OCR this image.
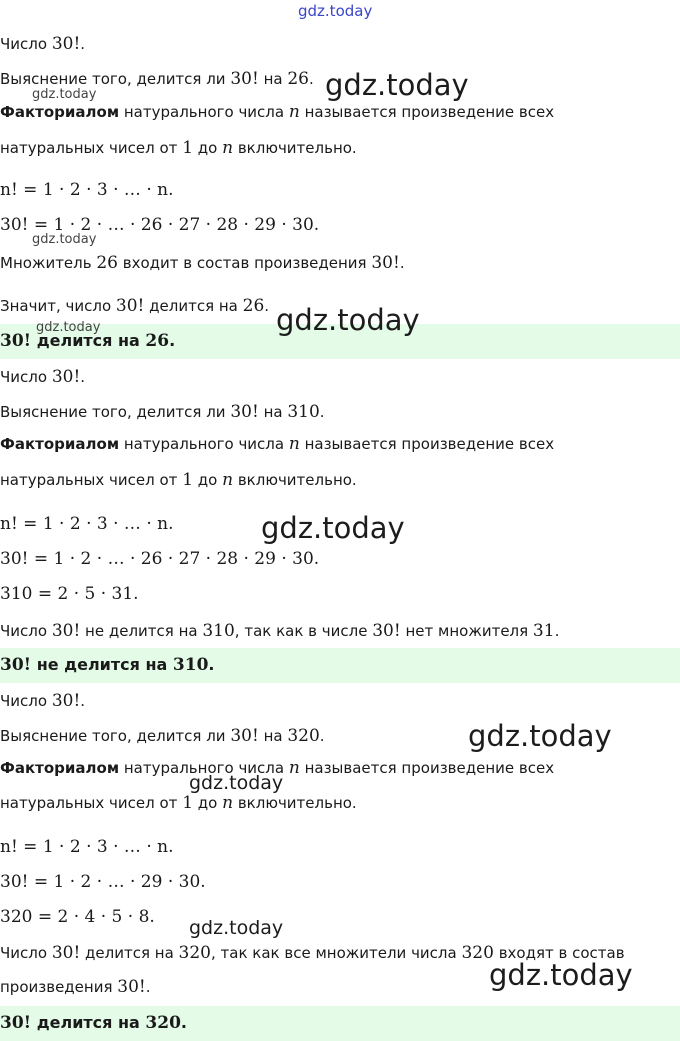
Число 30!.
Выяснение того, делится ли 30! на 26.
Факториалом натурального числа n называется произведение всех
натуральных чисел от 1 до n включительно.
n! = 1 · 2 · 3 · … · n.
30! = 1 · 2 · … · 26 · 27 · 28 · 29 · 30.
Множитель 26 входит в состав произведения 30!.
Значит, число 30! делится на 26.
30! делится на 26.
Число 30!.
Выяснение того, делится ли 30! на 310.
Факториалом натурального числа n называется произведение всех
натуральных чисел от 1 до n включительно.
n! = 1 · 2 · 3 · … · n.
30! = 1 · 2 · … · 26 · 27 · 28 · 29 · 30.
310 = 2 · 5 · 31.
Число 30! не делится на 310, так как в числе 30! нет множителя 31.
30! не делится на 310.
Число 30!.
Выяснение того, делится ли 30! на 320.
Факториалом натурального числа n называется произведение всех
натуральных чисел от 1 до n включительно.
n! = 1 · 2 · 3 · … · n.
30! = 1 · 2 · … · 29 · 30.
320 = 2 · 4 · 5 · 8.
Число 30! делится на 320, так как все множители числа 320 входят в состав
произведения 30!.
30! делится на 320.
gdz.today
gdz.today
gdz.today
gdz.today
gdz.today
gdz.today
gdz.today
gdz.today
gdz.today
gdz.today
gdz.today
